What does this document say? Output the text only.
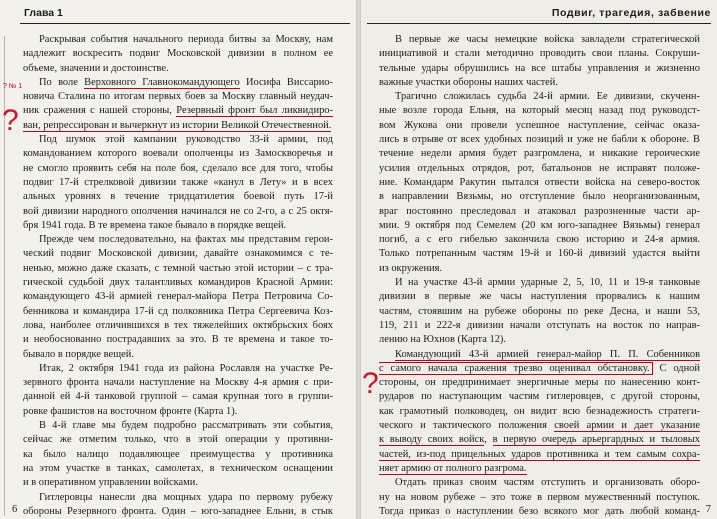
Глава 1
? № 1
?
Раскрывая события начального периода битвы за Москву, нам
надлежит воскресить подвиг Московской дивизии в полном ее
объеме, значении и достоинстве.
По воле Верховного Главнокомандующего Иосифа Виссарио-
новича Сталина по итогам первых боев за Москву главный неудач-
ник сражения с нашей стороны, Резервный фронт был ликвидиро-
ван, репрессирован и вычеркнут из истории Великой Отечественной.
Под шумок этой кампании руководство 33-й армии, под
командованием которого воевали ополченцы из Замоскворечья и
не смогло проявить себя на поле боя, сделало все для того, чтобы
подвиг 17-й стрелковой дивизии также «канул в Лету» и в всех
альных уровнях в течение тридцатилетия боевой путь 17-й
вой дивизии народного ополчения начинался не со 2-го, а с 25 октя-
бря 1941 года. В те времена такое бывало в порядке вещей.
Прежде чем последовательно, на фактах мы представим герои-
ческий подвиг Московской дивизии, давайте ознакомимся с те-
ненью, можно даже сказать, с темной частью этой истории – с тра-
гической судьбой двух талантливых командиров Красной Армии:
командующего 43-й армией генерал-майора Петра Петровича Со-
бенникова и командира 17-й сд полковника Петра Сергеевича Коз-
лова, наиболее отличившихся в тех тяжелейших октябрьских боях
и необоснованно пострадавших за это. В те времена и такое то-
бывало в порядке вещей.
Итак, 2 октября 1941 года из района Рославля на участке Ре-
зервного фронта начали наступление на Москву 4-я армия с при-
данной ей 4-й танковой группой – самая крупная того в группи-
ровке фашистов на восточном фронте (Карта 1).
В 4-й главе мы будем подробно рассматривать эти события,
сейчас же отметим только, что в этой операции у противни-
ка было налицо подавляющее преимущества у противника
на этом участке в танках, самолетах, в техническом оснащении
и в оперативном управлении войсками.
Гитлеровцы нанесли два мощных удара по первому рубежу
обороны Резервного фронта. Один – юго-западнее Ельни, в стык
6
Подвиг, трагедия, забвение
?
В первые же часы немецкие войска завладели стратегической
инициативой и стали методично проводить свои планы. Сокруши-
тельные удары обрушились на все штабы управления и жизненно
важные участки обороны наших частей.
Трагично сложилась судьба 24-й армии. Ее дивизии, скученн-
ные возле города Ельня, на который месяц назад под руководст-
вом Жукова они провели успешное наступление, сейчас оказа-
лись в отрыве от всех удобных позиций и уже не бабли к обороне. В
течение недели армия будет разгромлена, и никакие героические
усилия отдельных отрядов, рот, батальонов не исправят положе-
ние. Командарм Ракутин пытался отвести войска на северо-восток
в направлении Вязьмы, но отступление было неорганизованным,
враг постоянно преследовал и атаковал разрозненные части ар-
мии. 9 октября под Семелем (20 км юго-западнее Вязьмы) генерал
погиб, а с его гибелью закончила свою историю и 24-я армия.
Только потрепанным частям 19-й и 160-й дивизий удастся выйти
из окружения.
И на участке 43-й армии ударные 2, 5, 10, 11 и 19-я танковые
дивизии в первые же часы наступления прорвались к нашим
частям, стоявшим на рубеже обороны по реке Десна, и наши 53,
119, 211 и 222-я дивизии начали отступать на восток по направ-
лению на Юхнов (Карта 12).
Командующий 43-й армией генерал-майор П. П. Собенников
с самого начала сражения трезво оценивал обстановку. С одной
стороны, он предпринимает энергичные меры по нанесению конт-
рударов по наступающим частям гитлеровцев, с другой стороны,
как грамотный полководец, он видит всю безнадежность стратеги-
ческого и тактического положения своей армии и дает указание
к выводу своих войск, в первую очередь арьергардных и тыловых
частей, из-под прицельных ударов противника и тем самым сохра-
няет армию от полного разгрома.
Отдать приказ своим частям отступить и организовать оборо-
ну на новом рубеже – это тоже в первом мужественный поступок.
Тогда приказ о наступлении безо всякого мог дать любой команд- 7
